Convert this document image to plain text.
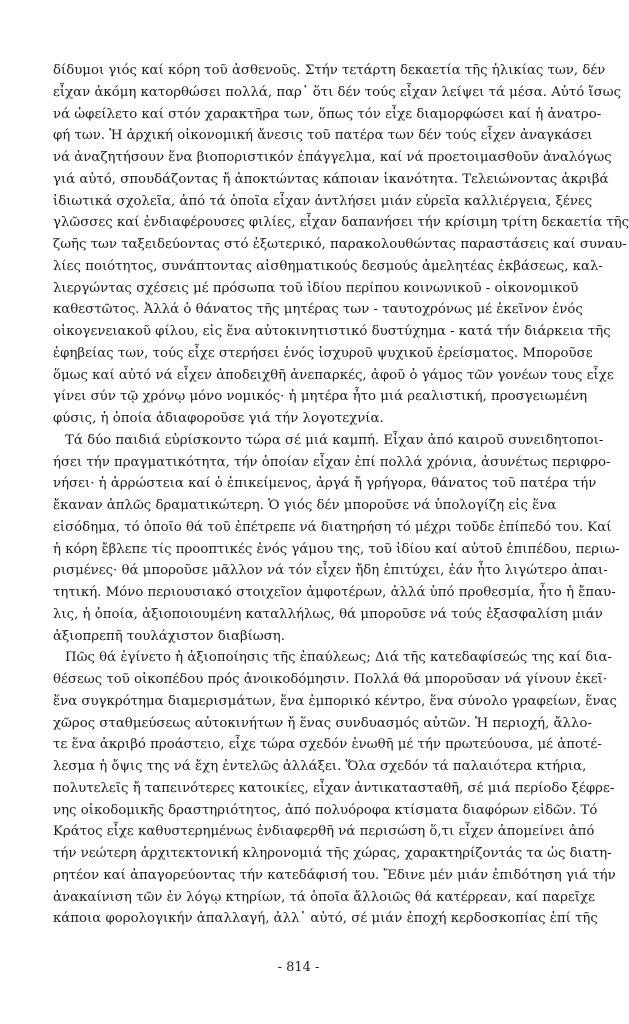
δίδυμοι γιός καί κόρη τοῦ ἀσθενοῦς. Στήν τετάρτη δεκαετία τῆς ἡλικίας των, δέν
εἶχαν ἀκόμη κατορθώσει πολλά, παρ᾿ ὅτι δέν τούς εἶχαν λείψει τά μέσα. Αὐτό ἴσως
νά ὠφείλετο καί στόν χαρακτῆρα των, ὅπως τόν εἶχε διαμορφώσει καί ἡ ἀνατρο-
φή των. Ἡ ἀρχική οἰκονομική ἄνεσις τοῦ πατέρα των δέν τούς εἶχεν ἀναγκάσει
νά ἀναζητήσουν ἕνα βιοποριστικόν ἐπάγγελμα, καί νά προετοιμασθοῦν ἀναλόγως
γιά αὐτό, σπουδάζοντας ἤ ἀποκτώντας κάποιαν ἱκανότητα. Τελειώνοντας ἀκριβά
ἰδιωτικά σχολεῖα, ἀπό τά ὁποῖα εἶχαν ἀντλήσει μιάν εὐρεῖα καλλιέργεια, ξένες
γλῶσσες καί ἐνδιαφέρουσες φιλίες, εἶχαν δαπανήσει τήν κρίσιμη τρίτη δεκαετία τῆς
ζωῆς των ταξειδεύοντας στό ἐξωτερικό, παρακολουθώντας παραστάσεις καί συναυ-
λίες ποιότητος, συνάπτοντας αἰσθηματικούς δεσμούς ἀμελητέας ἐκβάσεως, καλ-
λιεργώντας σχέσεις μέ πρόσωπα τοῦ ἰδίου περίπου κοινωνικοῦ - οἰκονομικοῦ
καθεστῶτος. Ἀλλά ὁ θάνατος τῆς μητέρας των - ταυτοχρόνως μέ ἐκεῖνον ἑνός
οἰκογενειακοῦ φίλου, εἰς ἕνα αὐτοκινητιστικό δυστύχημα - κατά τήν διάρκεια τῆς
ἐφηβείας των, τούς εἶχε στερήσει ἑνός ἰσχυροῦ ψυχικοῦ ἐρείσματος. Μποροῦσε
ὅμως καί αὐτό νά εἶχεν ἀποδειχθῆ ἀνεπαρκές, ἀφοῦ ὁ γάμος τῶν γονέων τους εἶχε
γίνει σύν τῷ χρόνῳ μόνο νομικός· ἡ μητέρα ἦτο μιά ρεαλιστική, προσγειωμένη
φύσις, ἡ ὁποία ἀδιαφοροῦσε γιά τήν λογοτεχνία.
Τά δύο παιδιά εὑρίσκοντο τώρα σέ μιά καμπή. Εἶχαν ἀπό καιροῦ συνειδητοποι-
ήσει τήν πραγματικότητα, τήν ὁποίαν εἶχαν ἐπί πολλά χρόνια, ἀσυνέτως περιφρο-
νήσει· ἡ ἀρρώστεια καί ὁ ἐπικείμενος, ἀργά ἤ γρήγορα, θάνατος τοῦ πατέρα τήν
ἔκαναν ἁπλῶς δραματικώτερη. Ὁ γιός δέν μποροῦσε νά ὑπολογίζη εἰς ἕνα
εἰσόδημα, τό ὁποῖο θά τοῦ ἐπέτρεπε νά διατηρήση τό μέχρι τοῦδε ἐπίπεδό του. Καί
ἡ κόρη ἔβλεπε τίς προοπτικές ἑνός γάμου της, τοῦ ἰδίου καί αὐτοῦ ἐπιπέδου, περιω-
ρισμένες· θά μποροῦσε μᾶλλον νά τόν εἶχεν ἤδη ἐπιτύχει, ἐάν ἦτο λιγώτερο ἀπαι-
τητική. Μόνο περιουσιακό στοιχεῖον ἀμφοτέρων, ἀλλά ὑπό προθεσμία, ἦτο ἡ ἔπαυ-
λις, ἡ ὁποία, ἀξιοποιουμένη καταλλήλως, θά μποροῦσε νά τούς ἐξασφαλίση μιάν
ἀξιοπρεπῆ τουλάχιστον διαβίωση.
Πῶς θά ἐγίνετο ἡ ἀξιοποίησις τῆς ἐπαύλεως; Διά τῆς κατεδαφίσεώς της καί δια-
θέσεως τοῦ οἰκοπέδου πρός ἀνοικοδόμησιν. Πολλά θά μποροῦσαν νά γίνουν ἐκεῖ·
ἕνα συγκρότημα διαμερισμάτων, ἕνα ἐμπορικό κέντρο, ἕνα σύνολο γραφείων, ἕνας
χῶρος σταθμεύσεως αὐτοκινήτων ἤ ἕνας συνδυασμός αὐτῶν. Ἡ περιοχή, ἄλλο-
τε ἕνα ἀκριβό προάστειο, εἶχε τώρα σχεδόν ἑνωθῆ μέ τήν πρωτεύουσα, μέ ἀποτέ-
λεσμα ἡ ὄψις της νά ἔχη ἐντελῶς ἀλλάξει. Ὅλα σχεδόν τά παλαιότερα κτήρια,
πολυτελεῖς ἤ ταπεινότερες κατοικίες, εἶχαν ἀντικατασταθῆ, σέ μιά περίοδο ξέφρε-
νης οἰκοδομικῆς δραστηριότητος, ἀπό πολυόροφα κτίσματα διαφόρων εἰδῶν. Τό
Κράτος εἶχε καθυστερημένως ἐνδιαφερθῆ νά περισώση ὅ,τι εἶχεν ἀπομείνει ἀπό
τήν νεώτερη ἀρχιτεκτονική κληρονομιά τῆς χώρας, χαρακτηρίζοντάς τα ὡς διατη-
ρητέον καί ἀπαγορεύοντας τήν κατεδάφισή του. Ἔδινε μέν μιάν ἐπιδότηση γιά τήν
ἀνακαίνιση τῶν ἐν λόγῳ κτηρίων, τά ὁποῖα ἄλλοιῶς θά κατέρρεαν, καί παρεῖχε
κάποια φορολογικήν ἀπαλλαγή, ἀλλ᾿ αὐτό, σέ μιάν ἐποχή κερδοσκοπίας ἐπί τῆς
- 814 -
